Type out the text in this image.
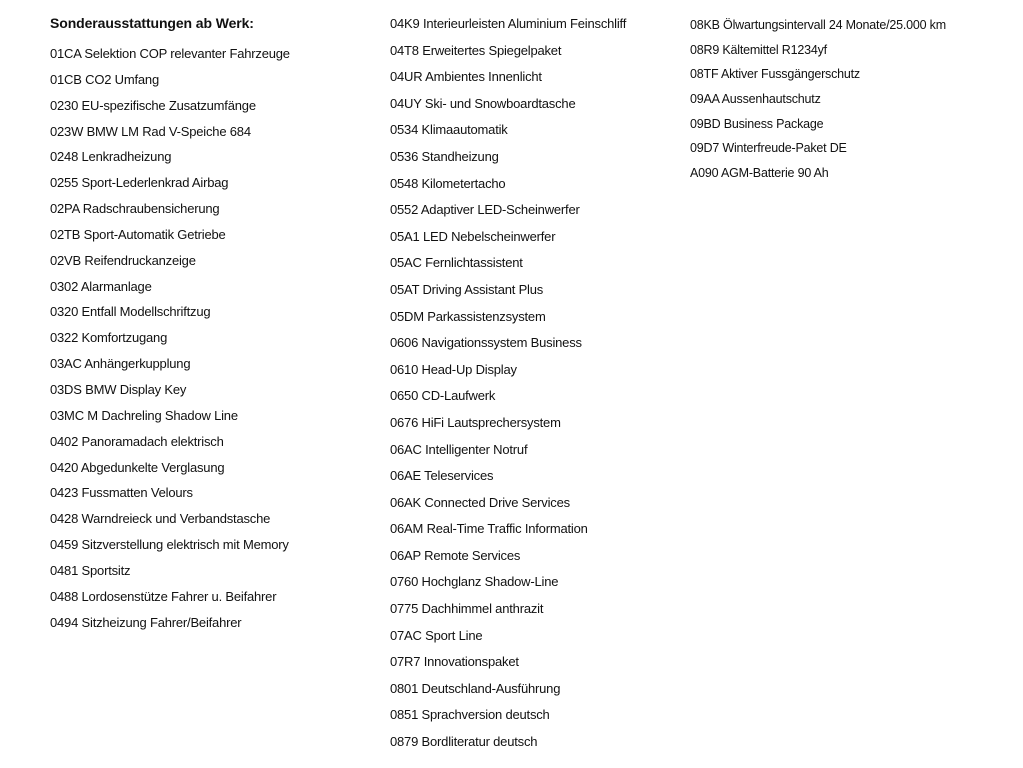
Sonderausstattungen ab Werk:
01CA Selektion COP relevanter Fahrzeuge
01CB CO2 Umfang
0230 EU-spezifische Zusatzumfänge
023W BMW LM Rad V-Speiche 684
0248 Lenkradheizung
0255 Sport-Lederlenkrad Airbag
02PA Radschraubensicherung
02TB Sport-Automatik Getriebe
02VB Reifendruckanzeige
0302 Alarmanlage
0320 Entfall Modellschriftzug
0322 Komfortzugang
03AC Anhängerkupplung
03DS BMW Display Key
03MC M Dachreling Shadow Line
0402 Panoramadach elektrisch
0420 Abgedunkelte Verglasung
0423 Fussmatten Velours
0428 Warndreieck und Verbandstasche
0459 Sitzverstellung elektrisch mit Memory
0481 Sportsitz
0488 Lordosenstütze Fahrer u. Beifahrer
0494 Sitzheizung Fahrer/Beifahrer
04K9 Interieurleisten Aluminium Feinschliff
04T8 Erweitertes Spiegelpaket
04UR Ambientes Innenlicht
04UY Ski- und Snowboardtasche
0534 Klimaautomatik
0536 Standheizung
0548 Kilometertacho
0552 Adaptiver LED-Scheinwerfer
05A1 LED Nebelscheinwerfer
05AC Fernlichtassistent
05AT Driving Assistant Plus
05DM Parkassistenzsystem
0606 Navigationssystem Business
0610 Head-Up Display
0650 CD-Laufwerk
0676 HiFi Lautsprechersystem
06AC Intelligenter Notruf
06AE Teleservices
06AK Connected Drive Services
06AM Real-Time Traffic Information
06AP Remote Services
0760 Hochglanz Shadow-Line
0775 Dachhimmel anthrazit
07AC Sport Line
07R7 Innovationspaket
0801 Deutschland-Ausführung
0851 Sprachversion deutsch
0879 Bordliteratur deutsch
08KB Ölwartungsintervall 24 Monate/25.000 km
08R9 Kältemittel R1234yf
08TF Aktiver Fussgängerschutz
09AA Aussenhautschutz
09BD Business Package
09D7 Winterfreude-Paket DE
A090 AGM-Batterie 90 Ah
